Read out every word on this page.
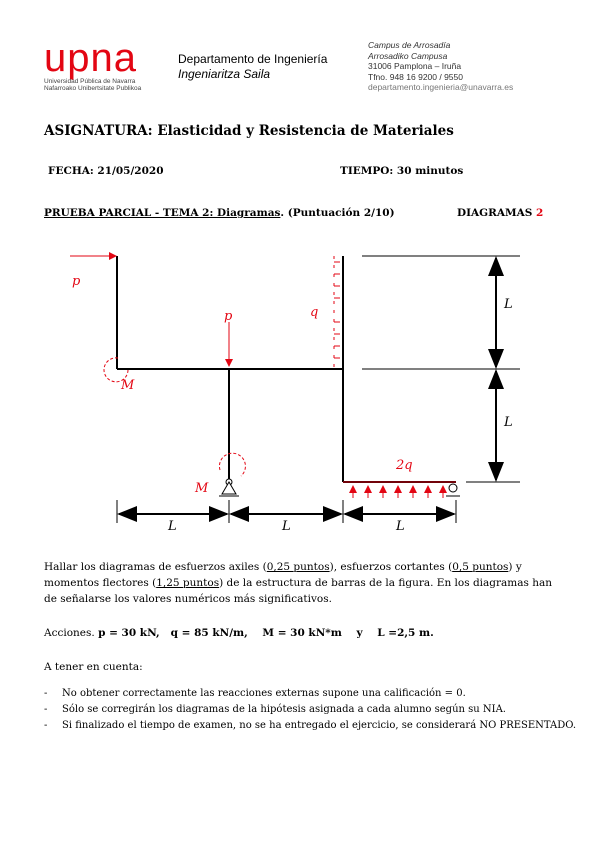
upna
Universidad Pública de Navarra
Nafarroako Unibertsitate Publikoa
Departamento de Ingeniería
Ingeniaritza Saila
Campus de Arrosadía
Arrosadiko Campusa
31006 Pamplona – Iruña
Tfno. 948 16 9200 / 9550
departamento.ingenieria@unavarra.es
ASIGNATURA: Elasticidad y Resistencia de Materiales
FECHA: 21/05/2020	TIEMPO: 30 minutos
PRUEBA PARCIAL - TEMA 2: Diagramas. (Puntuación 2/10)	DIAGRAMAS 2
p
p	q
M
M
2q
L
L
L	L	L
Hallar los diagramas de esfuerzos axiles (0,25 puntos), esfuerzos cortantes (0,5 puntos) y momentos flectores (1,25 puntos) de la estructura de barras de la figura. En los diagramas han de señalarse los valores numéricos más significativos.
Acciones. p = 30 kN,   q = 85 kN/m,    M = 30 kN*m    y    L =2,5 m.
A tener en cuenta:
- No obtener correctamente las reacciones externas supone una calificación = 0.
- Sólo se corregirán los diagramas de la hipótesis asignada a cada alumno según su NIA.
- Si finalizado el tiempo de examen, no se ha entregado el ejercicio, se considerará NO PRESENTADO.
